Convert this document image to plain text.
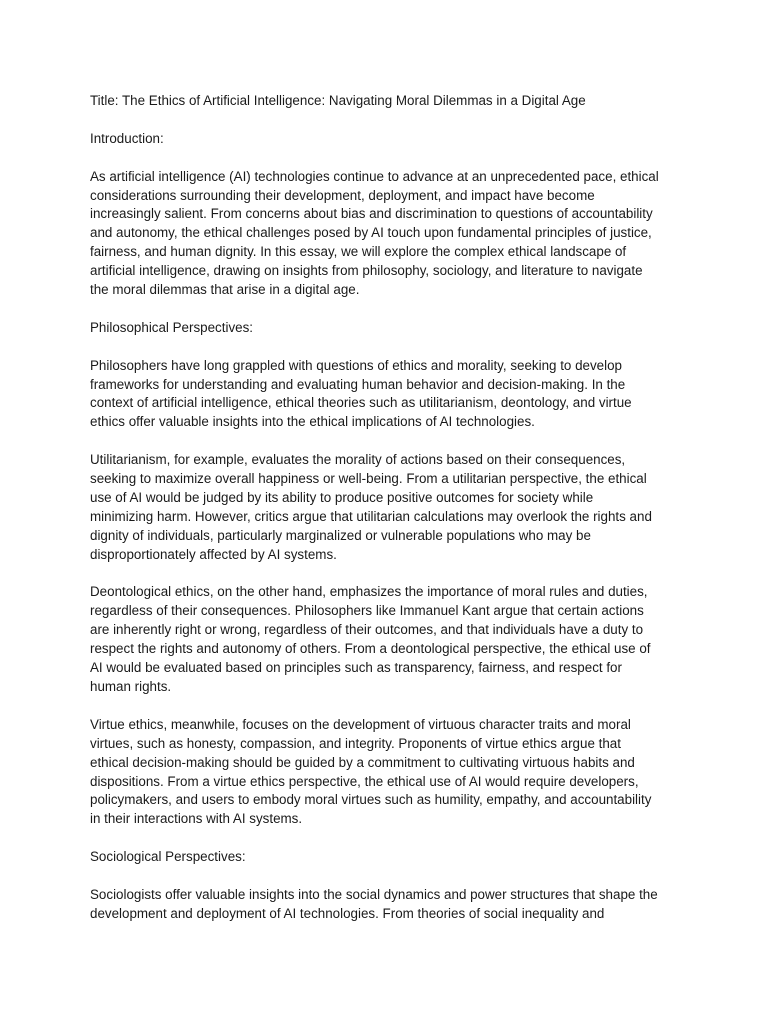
Title: The Ethics of Artificial Intelligence: Navigating Moral Dilemmas in a Digital Age
Introduction:
As artificial intelligence (AI) technologies continue to advance at an unprecedented pace, ethical
considerations surrounding their development, deployment, and impact have become
increasingly salient. From concerns about bias and discrimination to questions of accountability
and autonomy, the ethical challenges posed by AI touch upon fundamental principles of justice,
fairness, and human dignity. In this essay, we will explore the complex ethical landscape of
artificial intelligence, drawing on insights from philosophy, sociology, and literature to navigate
the moral dilemmas that arise in a digital age.
Philosophical Perspectives:
Philosophers have long grappled with questions of ethics and morality, seeking to develop
frameworks for understanding and evaluating human behavior and decision-making. In the
context of artificial intelligence, ethical theories such as utilitarianism, deontology, and virtue
ethics offer valuable insights into the ethical implications of AI technologies.
Utilitarianism, for example, evaluates the morality of actions based on their consequences,
seeking to maximize overall happiness or well-being. From a utilitarian perspective, the ethical
use of AI would be judged by its ability to produce positive outcomes for society while
minimizing harm. However, critics argue that utilitarian calculations may overlook the rights and
dignity of individuals, particularly marginalized or vulnerable populations who may be
disproportionately affected by AI systems.
Deontological ethics, on the other hand, emphasizes the importance of moral rules and duties,
regardless of their consequences. Philosophers like Immanuel Kant argue that certain actions
are inherently right or wrong, regardless of their outcomes, and that individuals have a duty to
respect the rights and autonomy of others. From a deontological perspective, the ethical use of
AI would be evaluated based on principles such as transparency, fairness, and respect for
human rights.
Virtue ethics, meanwhile, focuses on the development of virtuous character traits and moral
virtues, such as honesty, compassion, and integrity. Proponents of virtue ethics argue that
ethical decision-making should be guided by a commitment to cultivating virtuous habits and
dispositions. From a virtue ethics perspective, the ethical use of AI would require developers,
policymakers, and users to embody moral virtues such as humility, empathy, and accountability
in their interactions with AI systems.
Sociological Perspectives:
Sociologists offer valuable insights into the social dynamics and power structures that shape the
development and deployment of AI technologies. From theories of social inequality and
